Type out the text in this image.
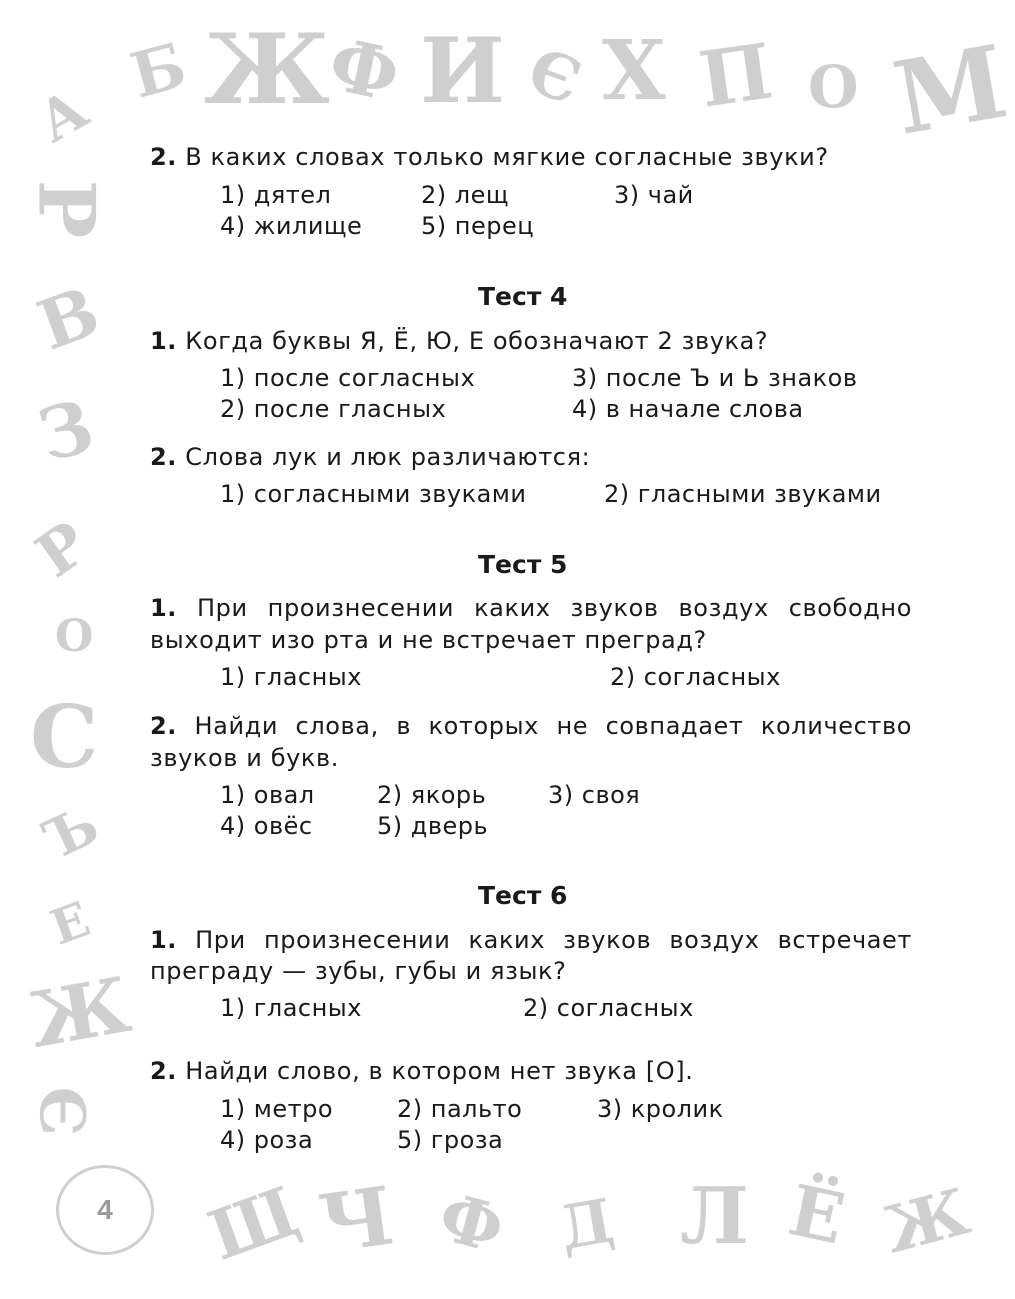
А
Б Ж
Ф И Є Х П О М
Р
В
З
Р
О
С
Ъ
Е
Ж
Э
Щ Ч Ф Д Л Ё Ж
2. В каких словах только мягкие согласные звуки?
1) дятел	2) лещ	3) чай
4) жилище 5) перец
Тест 4
1. Когда буквы Я, Ё, Ю, Е обозначают 2 звука?
1) после согласных	3) после Ъ и Ь знаков
2) после гласных	4) в начале слова
2. Слова лук и люк различаются:
1) согласными звуками	2) гласными звуками
Тест 5
1. При произнесении каких звуков воздух свободно
выходит изо рта и не встречает преград?
1) гласных	2) согласных
2. Найди слова, в которых не совпадает количество
звуков и букв.
1) овал	2) якорь	3) своя
4) овёс	5) дверь
Тест 6
1. При произнесении каких звуков воздух встречает
преграду — зубы, губы и язык?
1) гласных	2) согласных
2. Найди слово, в котором нет звука [О].
1) метро	2) пальто	3) кролик
4) роза	5) гроза
4
